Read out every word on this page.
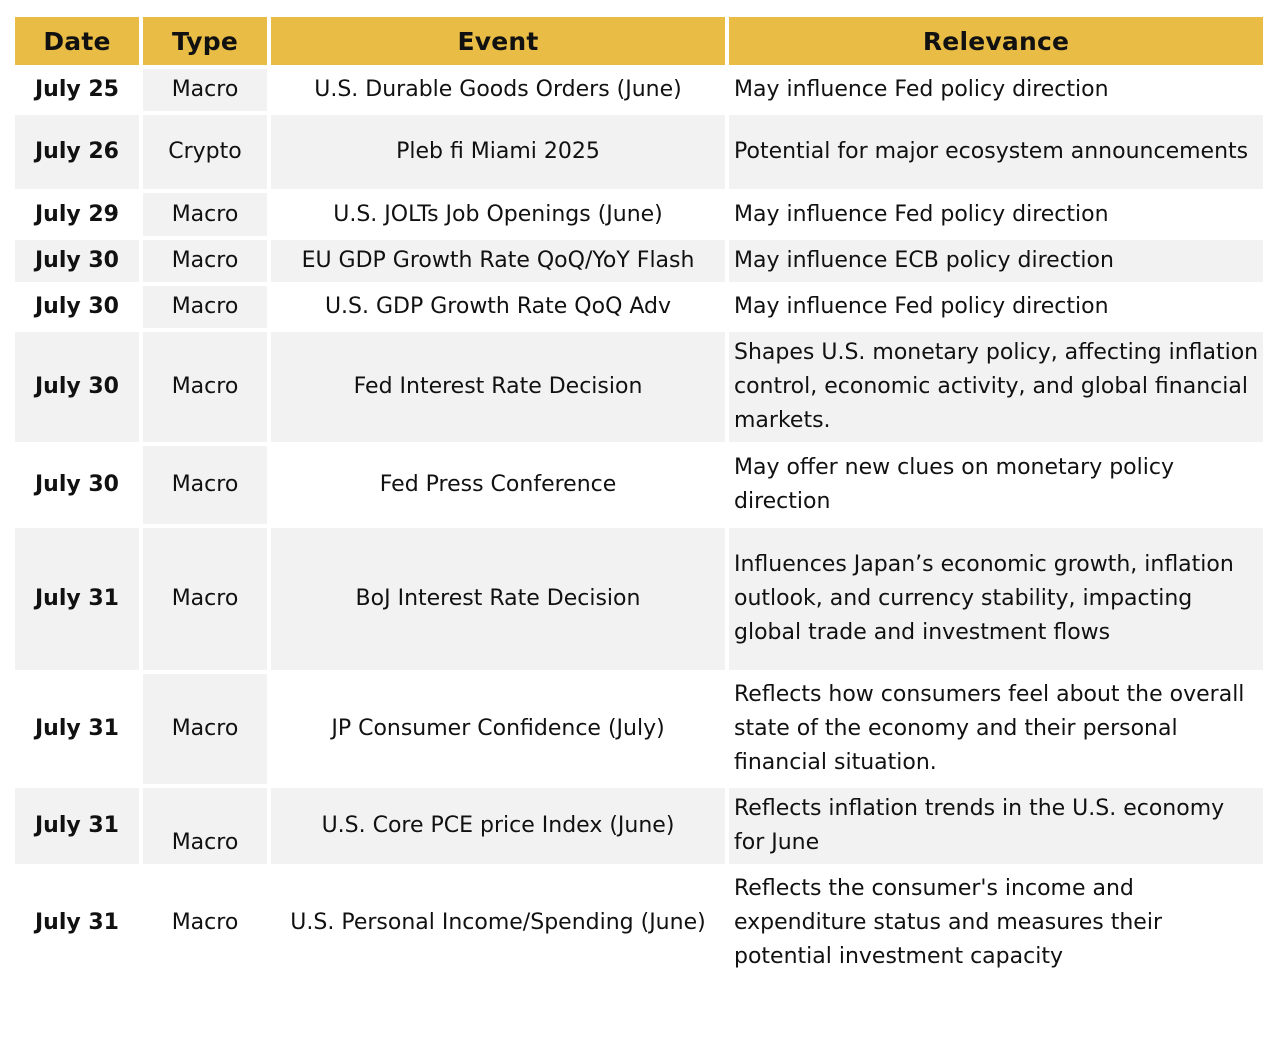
Date	Type	Event	Relevance
July 25	Macro	U.S. Durable Goods Orders (June)	May influence Fed policy direction
July 26	Crypto	Pleb fi Miami 2025	Potential for major ecosystem announcements
July 29	Macro	U.S. JOLTs Job Openings (June)	May influence Fed policy direction
July 30	Macro	EU GDP Growth Rate QoQ/YoY Flash	May influence ECB policy direction
July 30	Macro	U.S. GDP Growth Rate QoQ Adv	May influence Fed policy direction
July 30	Macro	Fed Interest Rate Decision	Shapes U.S. monetary policy, affecting inflation control, economic activity, and global financial markets.
July 30	Macro	Fed Press Conference	May offer new clues on monetary policy direction
July 31	Macro	BoJ Interest Rate Decision	Influences Japan’s economic growth, inflation outlook, and currency stability, impacting global trade and investment flows
July 31	Macro	JP Consumer Confidence (July)	Reflects how consumers feel about the overall state of the economy and their personal financial situation.
July 31	Macro	U.S. Core PCE price Index (June)	Reflects inflation trends in the U.S. economy for June
July 31	Macro	U.S. Personal Income/Spending (June)	Reflects the consumer's income and expenditure status and measures their potential investment capacity
